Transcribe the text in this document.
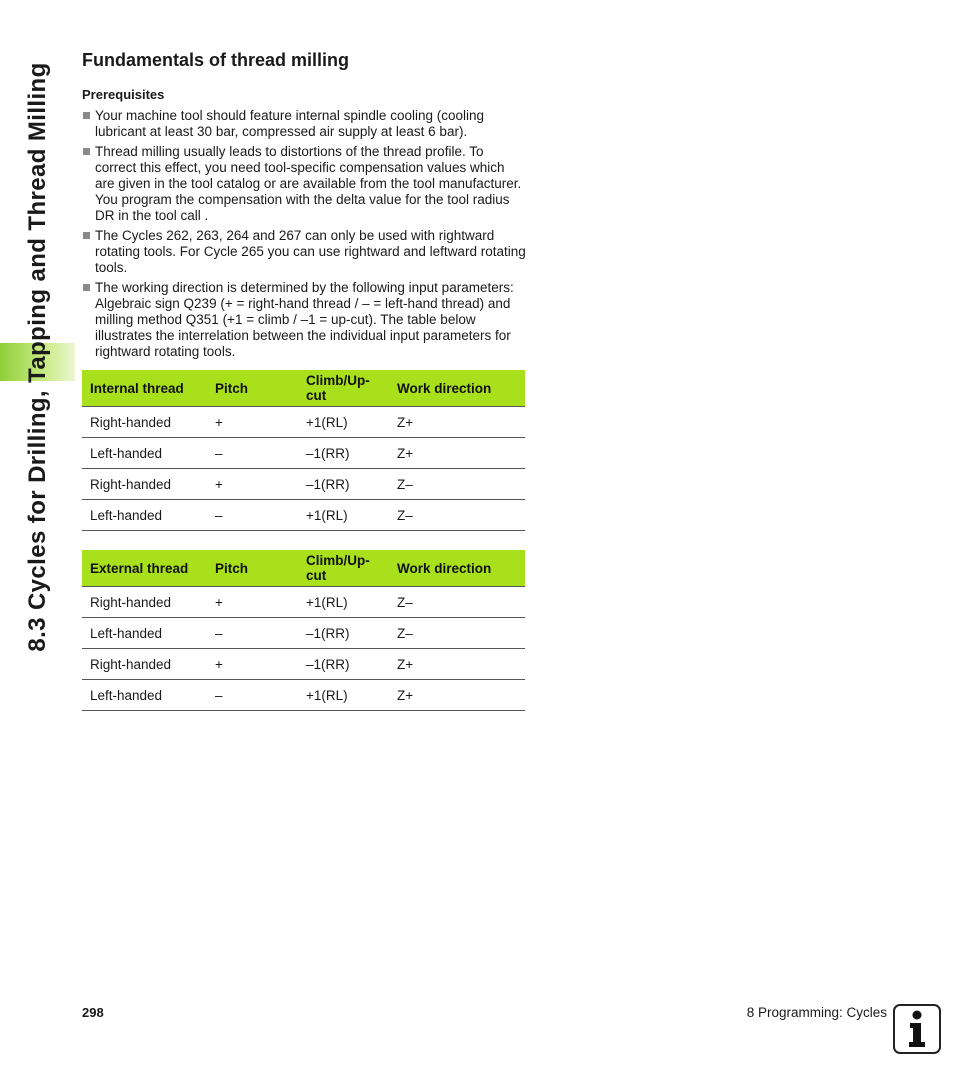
8.3 Cycles for Drilling, Tapping and Thread Milling
Fundamentals of thread milling
Prerequisites
Your machine tool should feature internal spindle cooling (cooling lubricant at least 30 bar, compressed air supply at least 6 bar).
Thread milling usually leads to distortions of the thread profile. To correct this effect, you need tool-specific compensation values which are given in the tool catalog or are available from the tool manufacturer. You program the compensation with the delta value for the tool radius DR in the tool call .
The Cycles 262, 263, 264 and 267 can only be used with rightward rotating tools. For Cycle 265 you can use rightward and leftward rotating tools.
The working direction is determined by the following input parameters: Algebraic sign Q239 (+ = right-hand thread / – = left-hand thread) and milling method Q351 (+1 = climb / –1 = up-cut). The table below illustrates the interrelation between the individual input parameters for rightward rotating tools.
Internal thread	Pitch	Climb/Up-cut	Work direction
Right-handed	+	+1(RL)	Z+
Left-handed	–	–1(RR)	Z+
Right-handed	+	–1(RR)	Z–
Left-handed	–	+1(RL)	Z–
External thread	Pitch	Climb/Up-cut	Work direction
Right-handed	+	+1(RL)	Z–
Left-handed	–	–1(RR)	Z–
Right-handed	+	–1(RR)	Z+
Left-handed	–	+1(RL)	Z+
298	8 Programming: Cycles
